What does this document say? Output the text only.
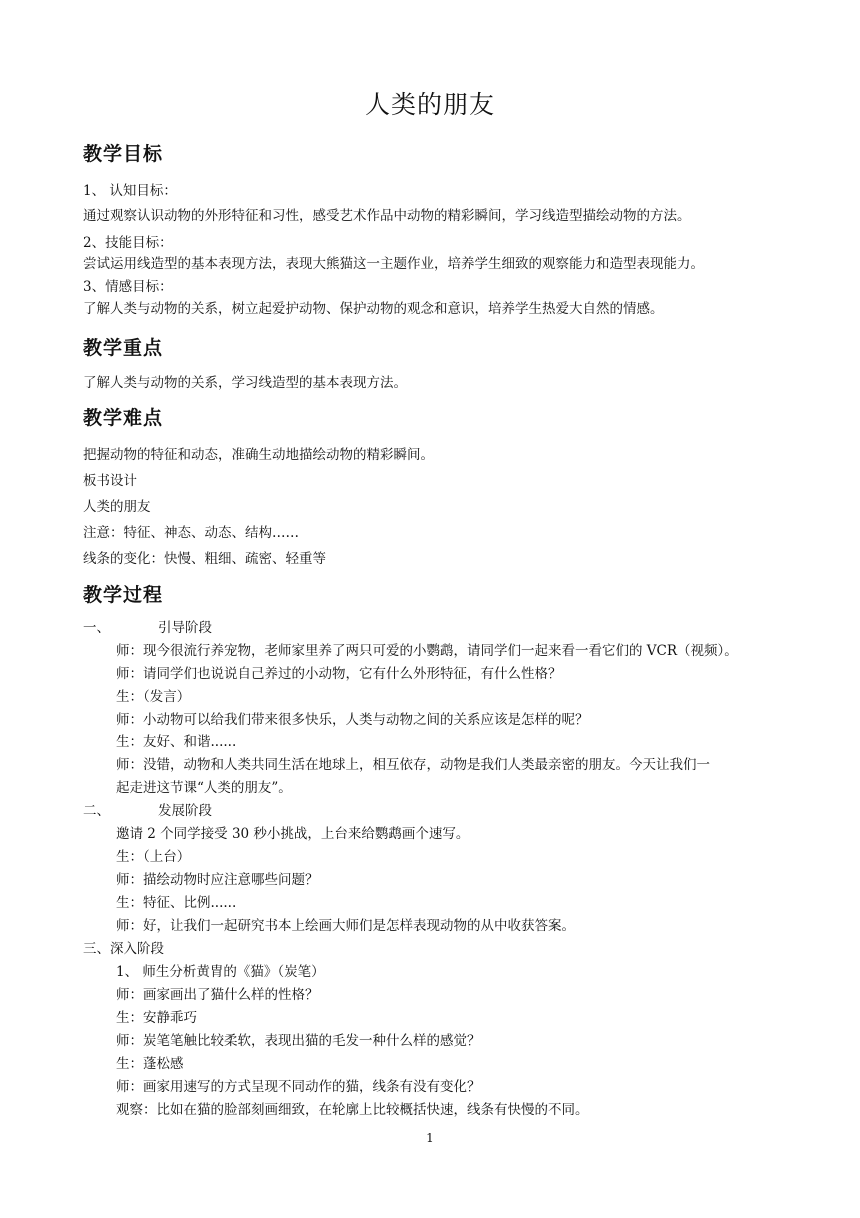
人类的朋友
教学目标
1、 认知目标：
通过观察认识动物的外形特征和习性，感受艺术作品中动物的精彩瞬间，学习线造型描绘动物的方法。
2、技能目标：
尝试运用线造型的基本表现方法，表现大熊猫这一主题作业，培养学生细致的观察能力和造型表现能力。
3、情感目标：
了解人类与动物的关系，树立起爱护动物、保护动物的观念和意识，培养学生热爱大自然的情感。
教学重点
了解人类与动物的关系，学习线造型的基本表现方法。
教学难点
把握动物的特征和动态，准确生动地描绘动物的精彩瞬间。
板书设计
人类的朋友
注意：特征、神态、动态、结构……
线条的变化：快慢、粗细、疏密、轻重等
教学过程
一、	引导阶段
师：现今很流行养宠物，老师家里养了两只可爱的小鹦鹉，请同学们一起来看一看它们的 VCR（视频）。
师：请同学们也说说自己养过的小动物，它有什么外形特征，有什么性格？
生：（发言）
师：小动物可以给我们带来很多快乐，人类与动物之间的关系应该是怎样的呢？
生：友好、和谐......
师：没错，动物和人类共同生活在地球上，相互依存，动物是我们人类最亲密的朋友。今天让我们一
起走进这节课“人类的朋友”。
二、	发展阶段
邀请 2 个同学接受 30 秒小挑战，上台来给鹦鹉画个速写。
生：（上台）
师：描绘动物时应注意哪些问题？
生：特征、比例......
师：好，让我们一起研究书本上绘画大师们是怎样表现动物的从中收获答案。
三、深入阶段
1、 师生分析黄胄的《猫》（炭笔）
师：画家画出了猫什么样的性格？
生：安静乖巧
师：炭笔笔触比较柔软，表现出猫的毛发一种什么样的感觉？
生：蓬松感
师：画家用速写的方式呈现不同动作的猫，线条有没有变化？
观察：比如在猫的脸部刻画细致，在轮廓上比较概括快速，线条有快慢的不同。
1
